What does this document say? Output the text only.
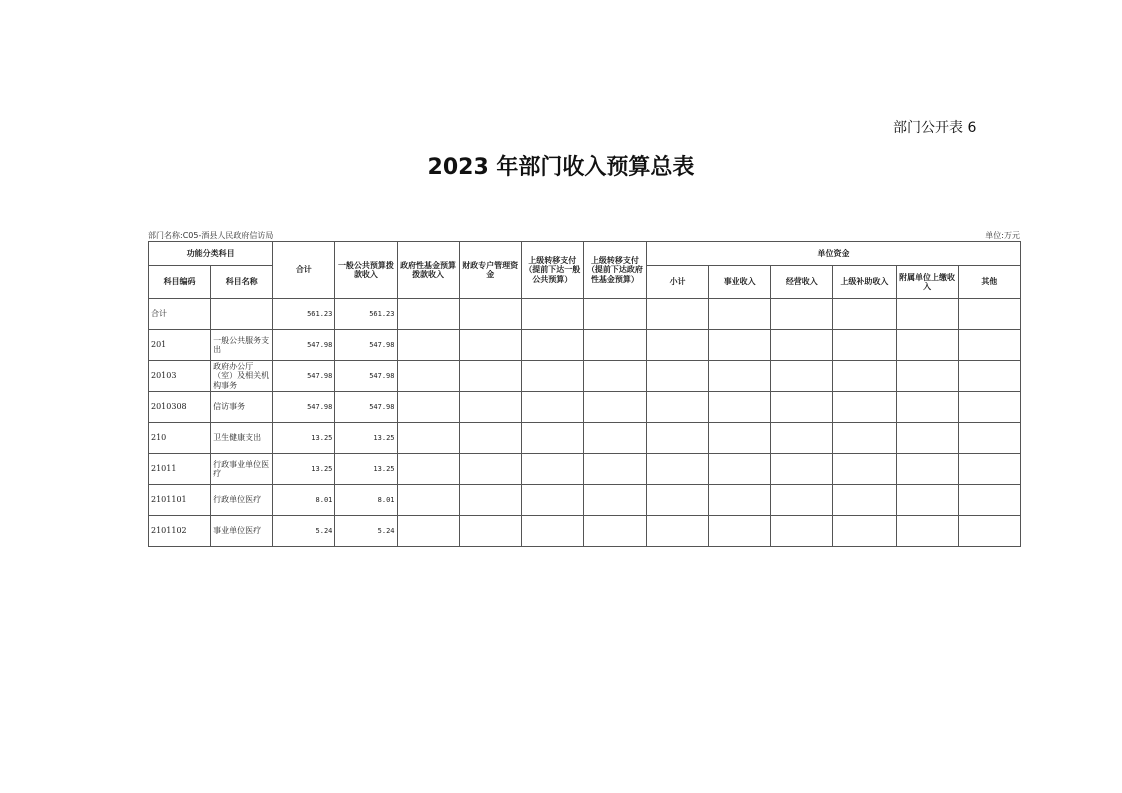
部门公开表 6
2023 年部门收入预算总表
部门名称:C05-酒县人民政府信访局	单位:万元
功能分类科目		合计	一般公共预算拨款收入	政府性基金预算拨款收入	财政专户管理资金	上级转移支付（提前下达一般公共预算）	上级转移支付（提前下达政府性基金预算）	单位资金					
科目编码	科目名称							小计	事业收入	经营收入	上级补助收入	附属单位上缴收入	其他
合计		561.23	561.23										
201	一般公共服务支出	547.98	547.98										
20103	政府办公厅（室）及相关机构事务	547.98	547.98										
2010308	信访事务	547.98	547.98										
210	卫生健康支出	13.25	13.25										
21011	行政事业单位医疗	13.25	13.25										
2101101	行政单位医疗	8.01	8.01										
2101102	事业单位医疗	5.24	5.24										
